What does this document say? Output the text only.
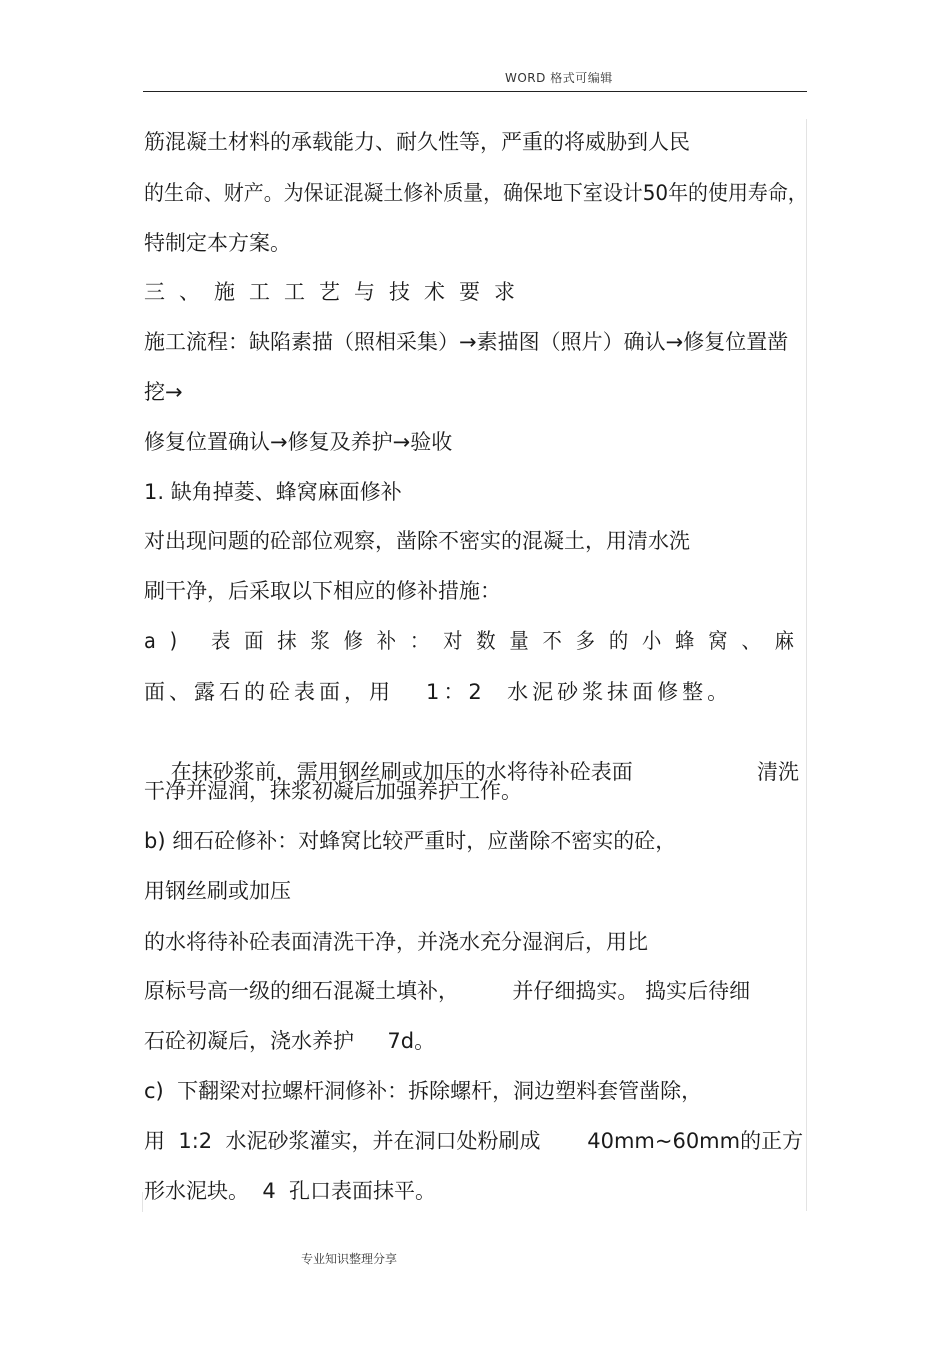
WORD 格式可编辑
筋混凝土材料的承载能力、耐久性等，严重的将威胁到人民
的生命、财产。为保证混凝土修补质量，确保地下室设计50年的使用寿命，
特制定本方案。
三、施工工艺与技术要求
施工流程：缺陷素描（照相采集）→素描图（照片）确认→修复位置凿
挖→
修复位置确认→修复及养护→验收
1. 缺角掉菱、蜂窝麻面修补
对出现问题的砼部位观察，凿除不密实的混凝土，用清水洗
刷干净，后采取以下相应的修补措施：
a) 表面抹浆修补：对数量不多的小蜂窝、麻
面、露石的砼表面，用   1：2  水泥砂浆抹面修整。

在抹砂浆前，需用钢丝刷或加压的水将待补砼表面	清洗

干净并湿润，抹浆初凝后加强养护工作。
b) 细石砼修补：对蜂窝比较严重时，应凿除不密实的砼，
用钢丝刷或加压
的水将待补砼表面清洗干净，并浇水充分湿润后，用比
原标号高一级的细石混凝土填补，        并仔细捣实。 捣实后待细
石砼初凝后，浇水养护     7d。
c)  下翻梁对拉螺杆洞修补：拆除螺杆，洞边塑料套管凿除，
用  1:2  水泥砂浆灌实，并在洞口处粉刷成       40mm~60mm的正方
形水泥块。  4  孔口表面抹平。
专业知识整理分享
